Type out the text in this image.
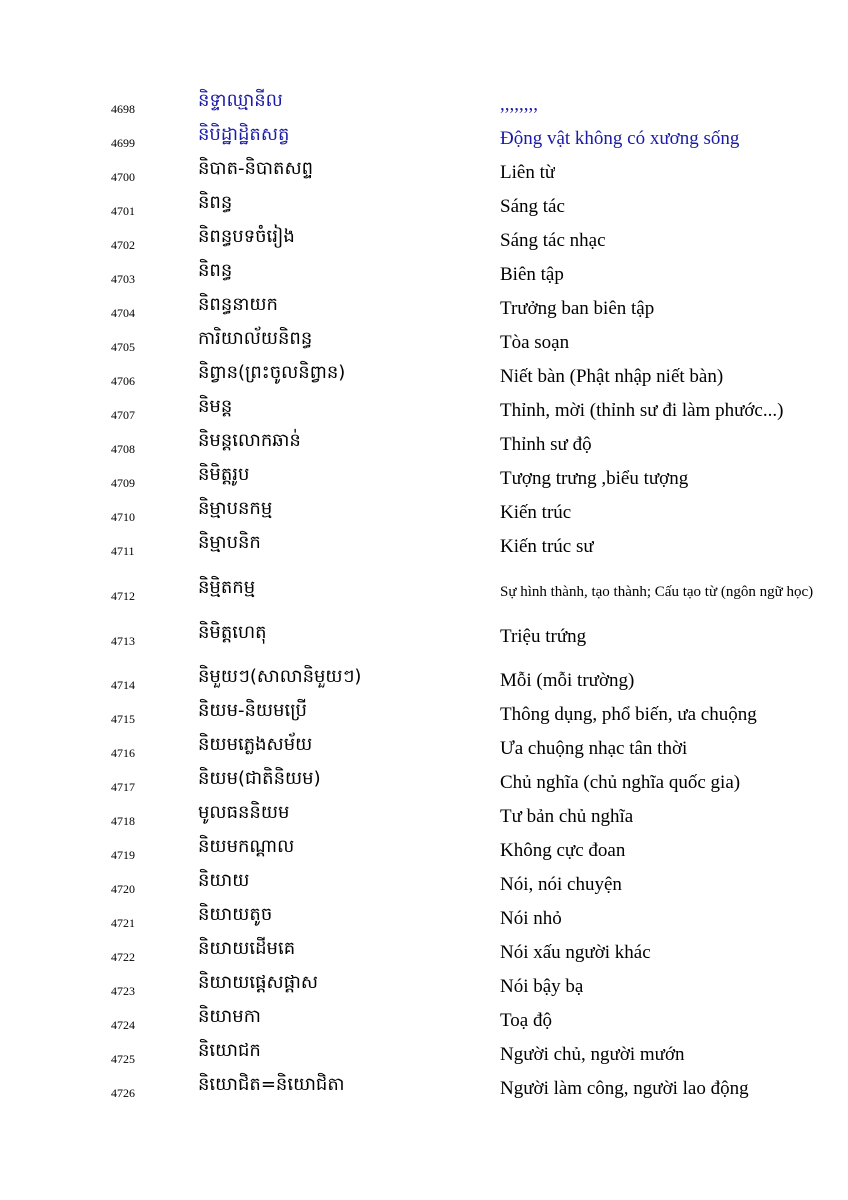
4698	និទ្ទាឈ្មានីល	,,,,,,,,
4699	និបិដ្ឋាដ្ឋិតសត្វ	Động vật không có xương sống
4700	និបាត-និបាតសព្ទ	Liên từ
4701	និពន្ធ	Sáng tác
4702	និពន្ធបទចំរៀង	Sáng tác nhạc
4703	និពន្ធ	Biên tập
4704	និពន្ធនាយក	Trưởng ban biên tập
4705	ការិយាល័យនិពន្ធ	Tòa soạn
4706	និព្វាន(ព្រះចូលនិព្វាន)	Niết bàn (Phật nhập niết bàn)
4707	និមន្ត	Thỉnh, mời (thỉnh sư đi làm phước...)
4708	និមន្តលោកឆាន់	Thỉnh sư độ
4709	និមិត្តរូប	Tượng trưng ,biểu tượng
4710	និម្មាបនកម្ម	Kiến trúc
4711	និម្មាបនិក	Kiến trúc sư
4712	និម្មិតកម្ម	Sự hình thành, tạo thành; Cấu tạo từ (ngôn ngữ học)
4713	និមិត្តហេតុ	Triệu trứng
4714	និមួយៗ(សាលានិមួយៗ)	Mỗi (mỗi trường)
4715	និយម-និយមប្រើ	Thông dụng, phổ biến, ưa chuộng
4716	និយមភ្លេងសម័យ	Ưa chuộng nhạc tân thời
4717	និយម(ជាតិនិយម)	Chủ nghĩa (chủ nghĩa quốc gia)
4718	មូលធននិយម	Tư bản chủ nghĩa
4719	និយមកណ្តាល	Không cực đoan
4720	និយាយ	Nói, nói chuyện
4721	និយាយតូច	Nói nhỏ
4722	និយាយដើមគេ	Nói xấu người khác
4723	និយាយផ្តេសផ្តាស	Nói bậy bạ
4724	និយាមកា	Toạ độ
4725	និយោជក	Người chủ, người mướn
4726	និយោជិត=និយោជិតា	Người làm công, người lao động
